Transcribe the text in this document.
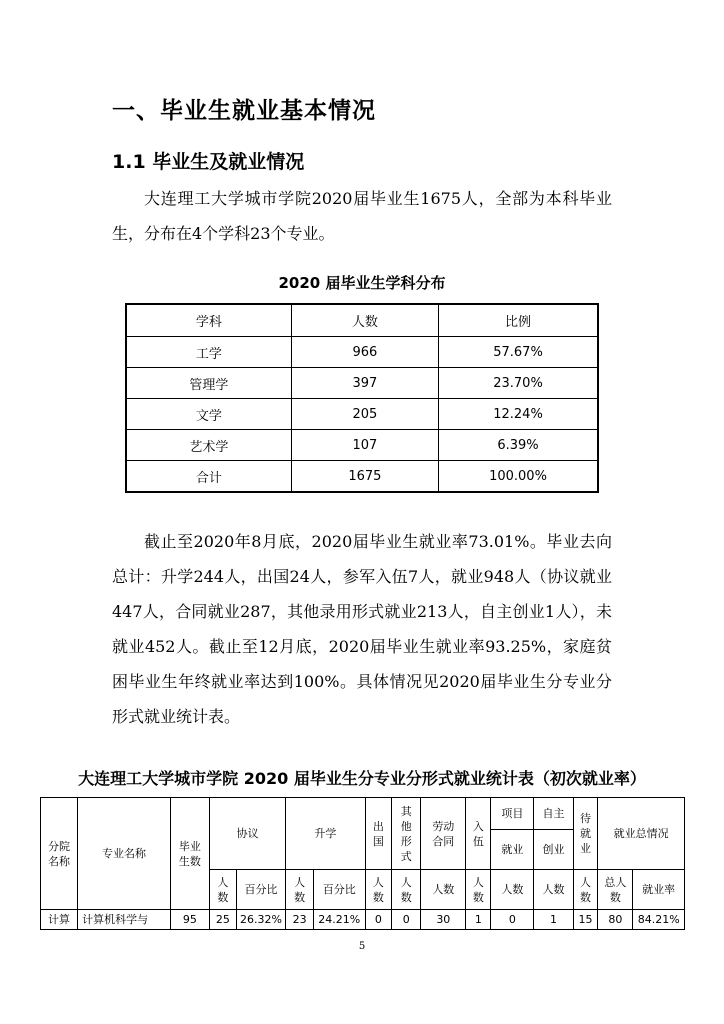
一、毕业生就业基本情况
1.1 毕业生及就业情况

大连理工大学城市学院2020届毕业生1675人，全部为本科毕业生，分布在4个学科23个专业。

2020 届毕业生学科分布
学科	人数	比例
工学	966	57.67%
管理学	397	23.70%
文学	205	12.24%
艺术学	107	6.39%
合计	1675	100.00%

截止至2020年8月底，2020届毕业生就业率73.01%。毕业去向总计：升学244人，出国24人，参军入伍7人，就业948人（协议就业447人，合同就业287，其他录用形式就业213人，自主创业1人），未就业452人。截止至12月底，2020届毕业生就业率93.25%，家庭贫困毕业生年终就业率达到100%。具体情况见2020届毕业生分专业分形式就业统计表。

大连理工大学城市学院 2020 届毕业生分专业分形式就业统计表（初次就业率）
分院名称	专业名称	毕业生数	协议		升学		出国	其他形式	劳动合同	入伍	项目	自主	待就业	就业总情况	
											就业	创业			
			人数	百分比	人数	百分比	人数	人数	人数	人数	人数	人数	人数	总人数	就业率
计算	计算机科学与	95	25	26.32%	23	24.21%	0	0	30	1	0	1	15	80	84.21%
5
